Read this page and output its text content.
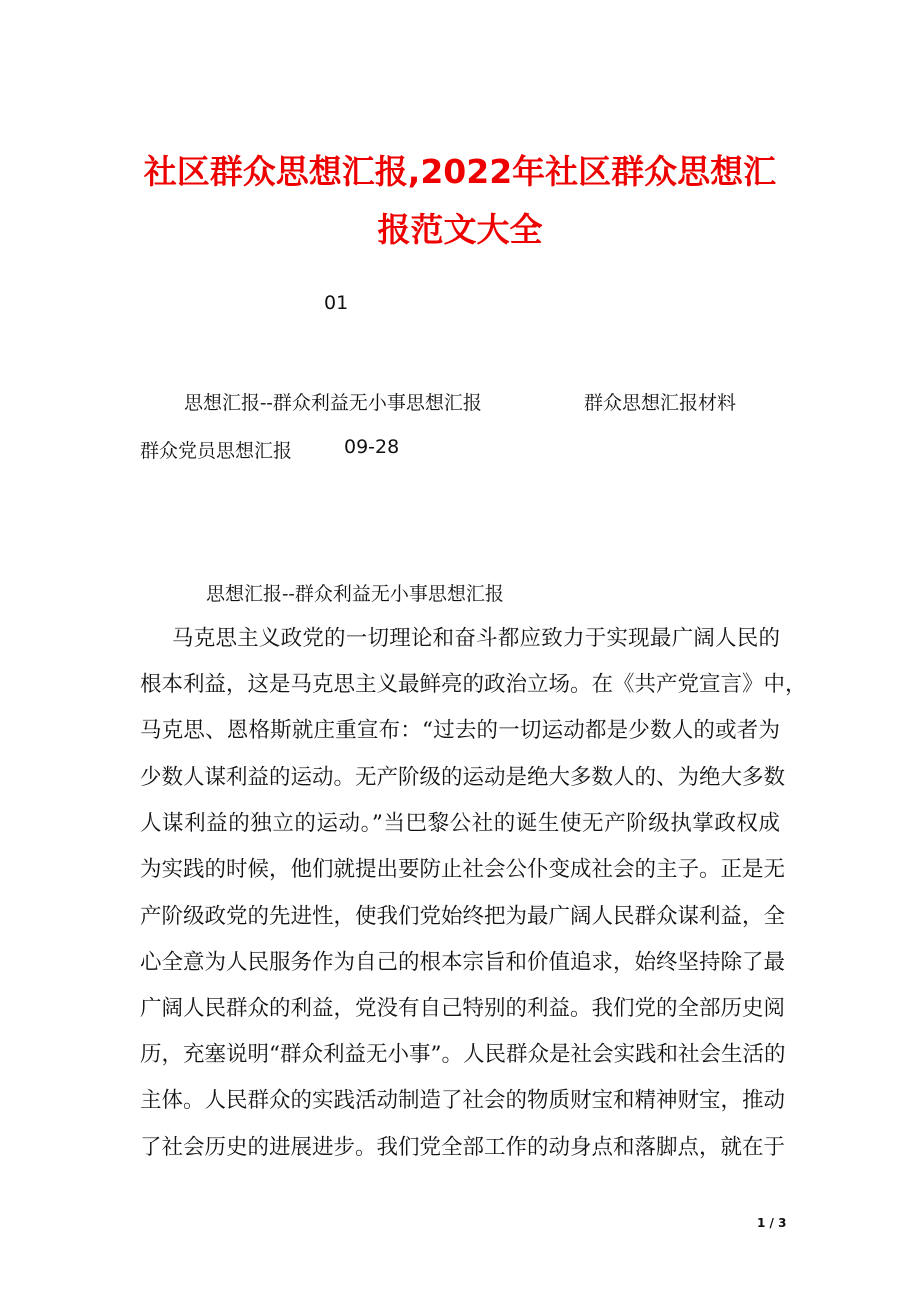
社区群众思想汇报,2022年社区群众思想汇
报范文大全
01
思想汇报--群众利益无小事思想汇报	群众思想汇报材料
群众党员思想汇报	09-28
思想汇报--群众利益无小事思想汇报
马克思主义政党的一切理论和奋斗都应致力于实现最广阔人民的
根本利益，这是马克思主义最鲜亮的政治立场。在《共产党宣言》中，
马克思、恩格斯就庄重宣布：“过去的一切运动都是少数人的或者为
少数人谋利益的运动。无产阶级的运动是绝大多数人的、为绝大多数
人谋利益的独立的运动。”当巴黎公社的诞生使无产阶级执掌政权成
为实践的时候，他们就提出要防止社会公仆变成社会的主子。正是无
产阶级政党的先进性，使我们党始终把为最广阔人民群众谋利益，全
心全意为人民服务作为自己的根本宗旨和价值追求，始终坚持除了最
广阔人民群众的利益，党没有自己特别的利益。我们党的全部历史阅
历，充塞说明“群众利益无小事”。人民群众是社会实践和社会生活的
主体。人民群众的实践活动制造了社会的物质财宝和精神财宝，推动
了社会历史的进展进步。我们党全部工作的动身点和落脚点，就在于
1 / 3
